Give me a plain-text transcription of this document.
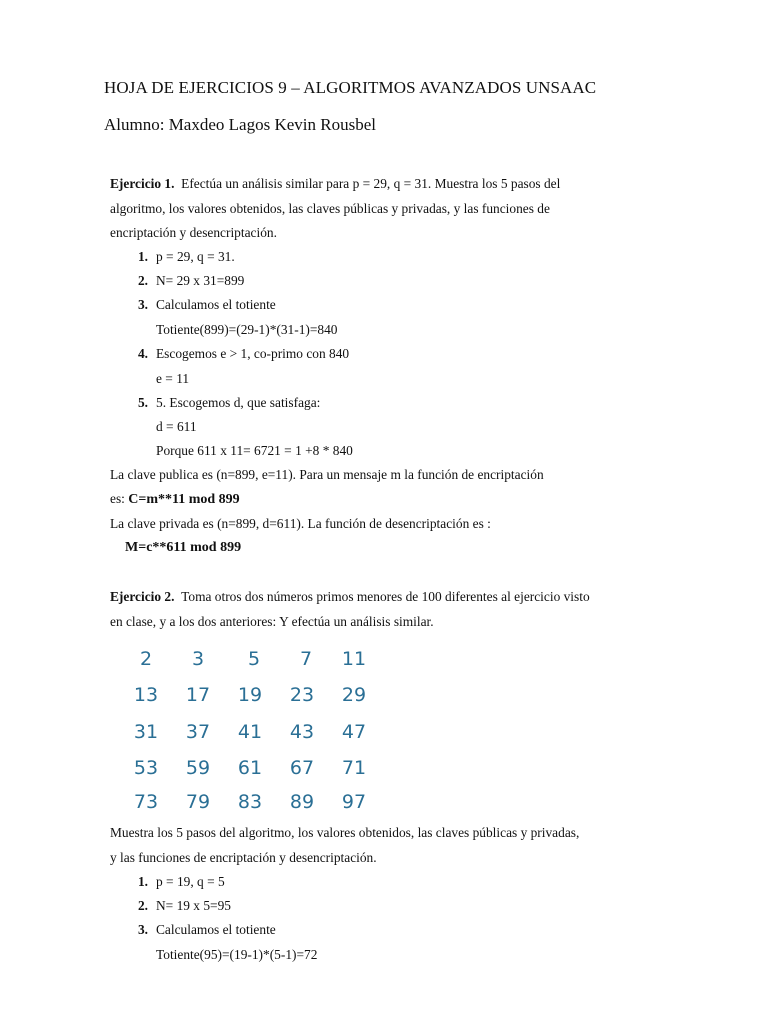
HOJA DE EJERCICIOS 9 – ALGORITMOS AVANZADOS UNSAAC
Alumno: Maxdeo Lagos Kevin Rousbel
Ejercicio 1. Efectúa un análisis similar para p = 29, q = 31. Muestra los 5 pasos del
algoritmo, los valores obtenidos, las claves públicas y privadas, y las funciones de
encriptación y desencriptación.
1. p = 29, q = 31.
2. N= 29 x 31=899
3. Calculamos el totiente
Totiente(899)=(29-1)*(31-1)=840
4. Escogemos e > 1, co-primo con 840
e = 11
5. 5. Escogemos d, que satisfaga:
d = 611
Porque 611 x 11= 6721 = 1 +8 * 840
La clave publica es (n=899, e=11). Para un mensaje m la función de encriptación
es: C=m**11 mod 899
La clave privada es (n=899, d=611). La función de desencriptación es :
M=c**611 mod 899
Ejercicio 2. Toma otros dos números primos menores de 100 diferentes al ejercicio visto
en clase, y a los dos anteriores: Y efectúa un análisis similar.
2	3	5	7	11
13	17	19	23	29
31	37	41	43	47
53	59	61	67	71
73	79	83	89	97
Muestra los 5 pasos del algoritmo, los valores obtenidos, las claves públicas y privadas,
y las funciones de encriptación y desencriptación.
1. p = 19, q = 5
2. N= 19 x 5=95
3. Calculamos el totiente
Totiente(95)=(19-1)*(5-1)=72
